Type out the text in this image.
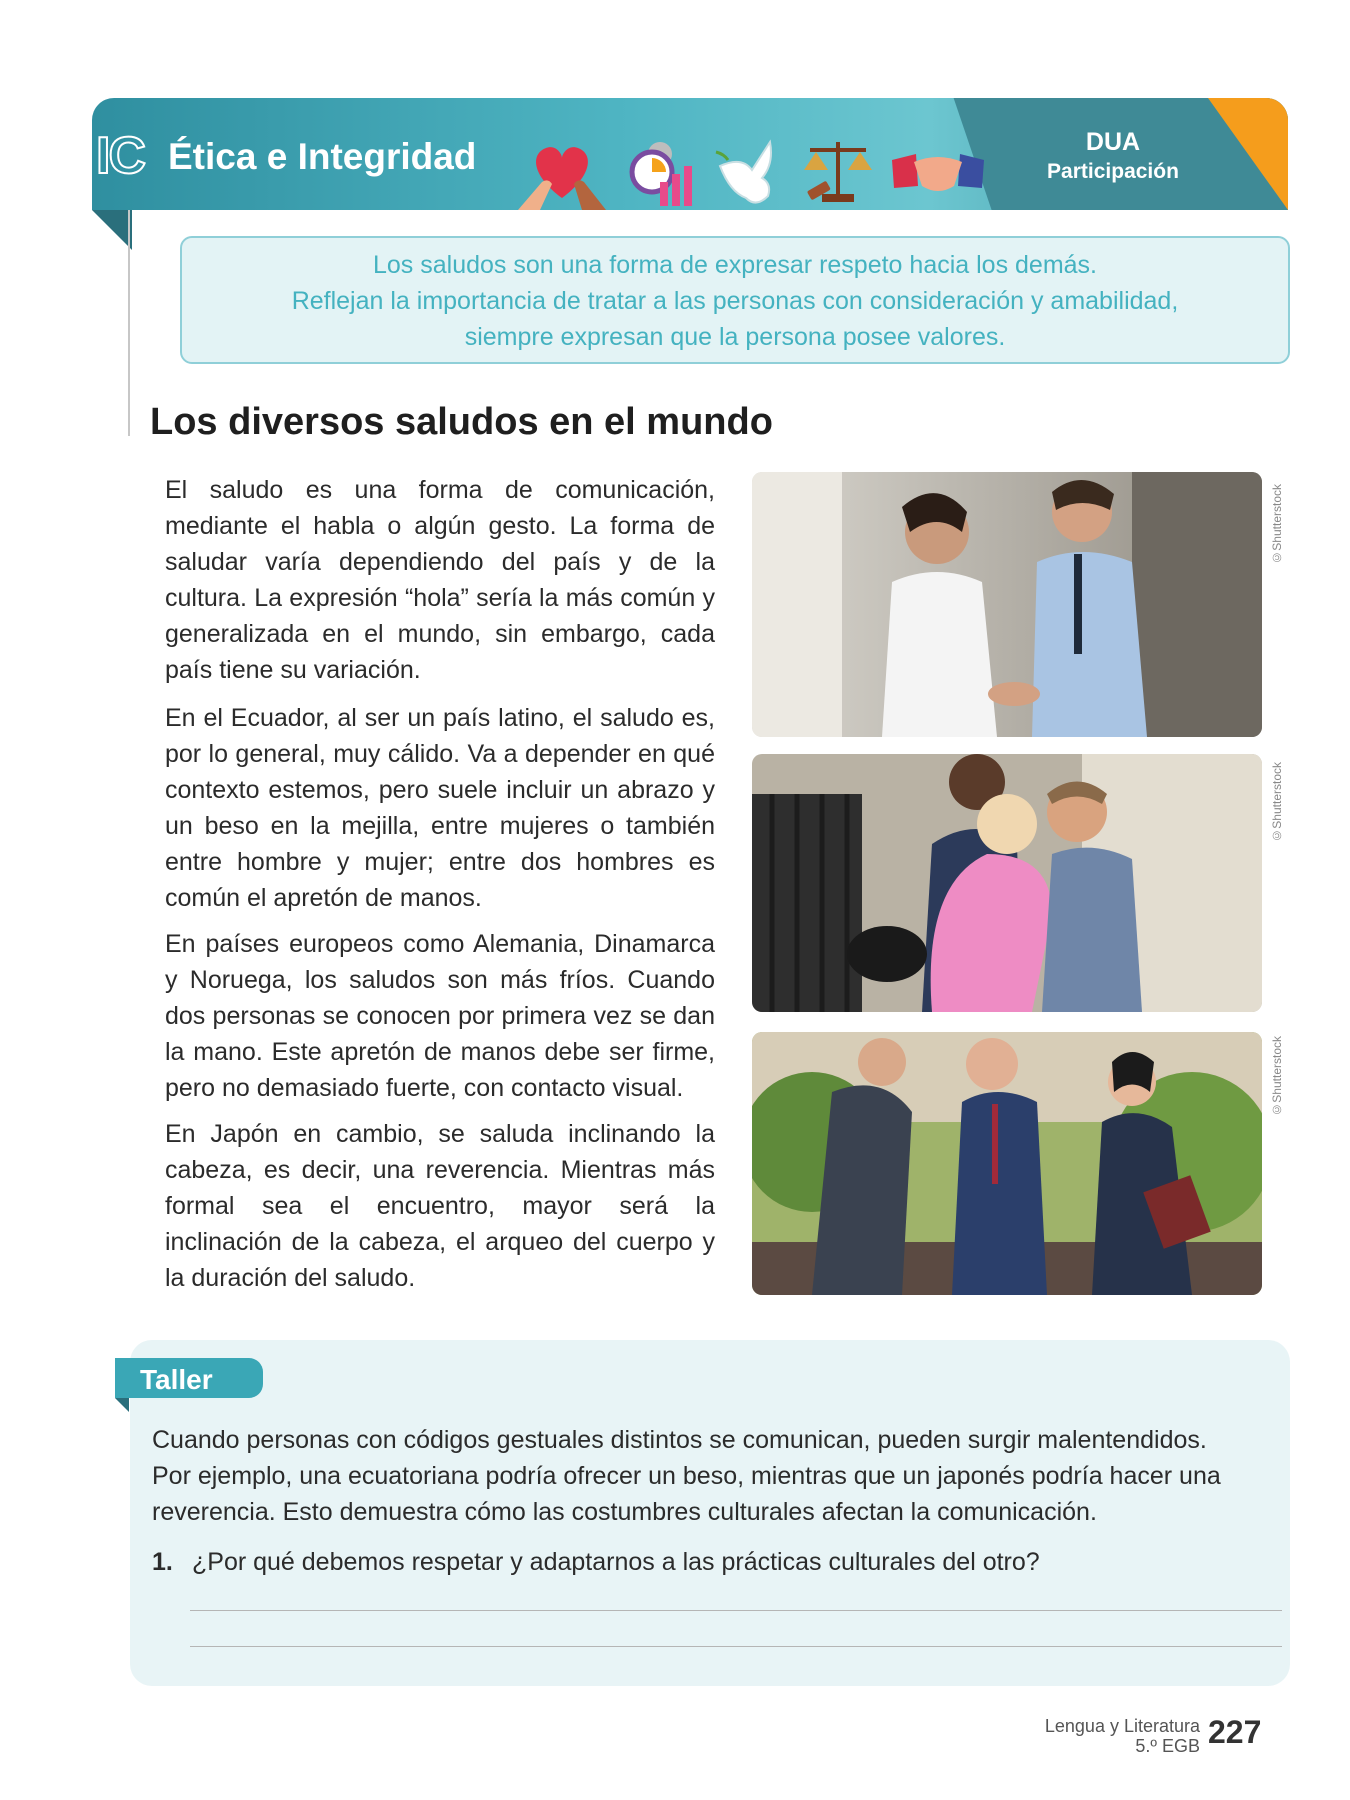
IC Ética e Integridad	DUA
Participación
Los saludos son una forma de expresar respeto hacia los demás.
Reflejan la importancia de tratar a las personas con consideración y amabilidad,
siempre expresan que la persona posee valores.
Los diversos saludos en el mundo
El saludo es una forma de comunicación, mediante el habla o algún gesto. La forma de saludar varía dependiendo del país y de la cultura. La expresión “hola” sería la más común y generalizada en el mundo, sin embargo, cada país tiene su variación.
En el Ecuador, al ser un país latino, el saludo es, por lo general, muy cálido. Va a depender en qué contexto estemos, pero suele incluir un abrazo y un beso en la mejilla, entre mujeres o también entre hombre y mujer; entre dos hombres es común el apretón de manos.
En países europeos como Alemania, Dinamarca y Noruega, los saludos son más fríos. Cuando dos personas se conocen por primera vez se dan la mano. Este apretón de manos debe ser firme, pero no demasiado fuerte, con contacto visual.
En Japón en cambio, se saluda inclinando la cabeza, es decir, una reverencia. Mientras más formal sea el encuentro, mayor será la inclinación de la cabeza, el arqueo del cuerpo y la duración del saludo.
©Shutterstock
©Shutterstock
©Shutterstock
Taller
Cuando personas con códigos gestuales distintos se comunican, pueden surgir malentendidos.
Por ejemplo, una ecuatoriana podría ofrecer un beso, mientras que un japonés podría hacer una
reverencia. Esto demuestra cómo las costumbres culturales afectan la comunicación.
1. ¿Por qué debemos respetar y adaptarnos a las prácticas culturales del otro?
Lengua y Literatura
5.º EGB 227
